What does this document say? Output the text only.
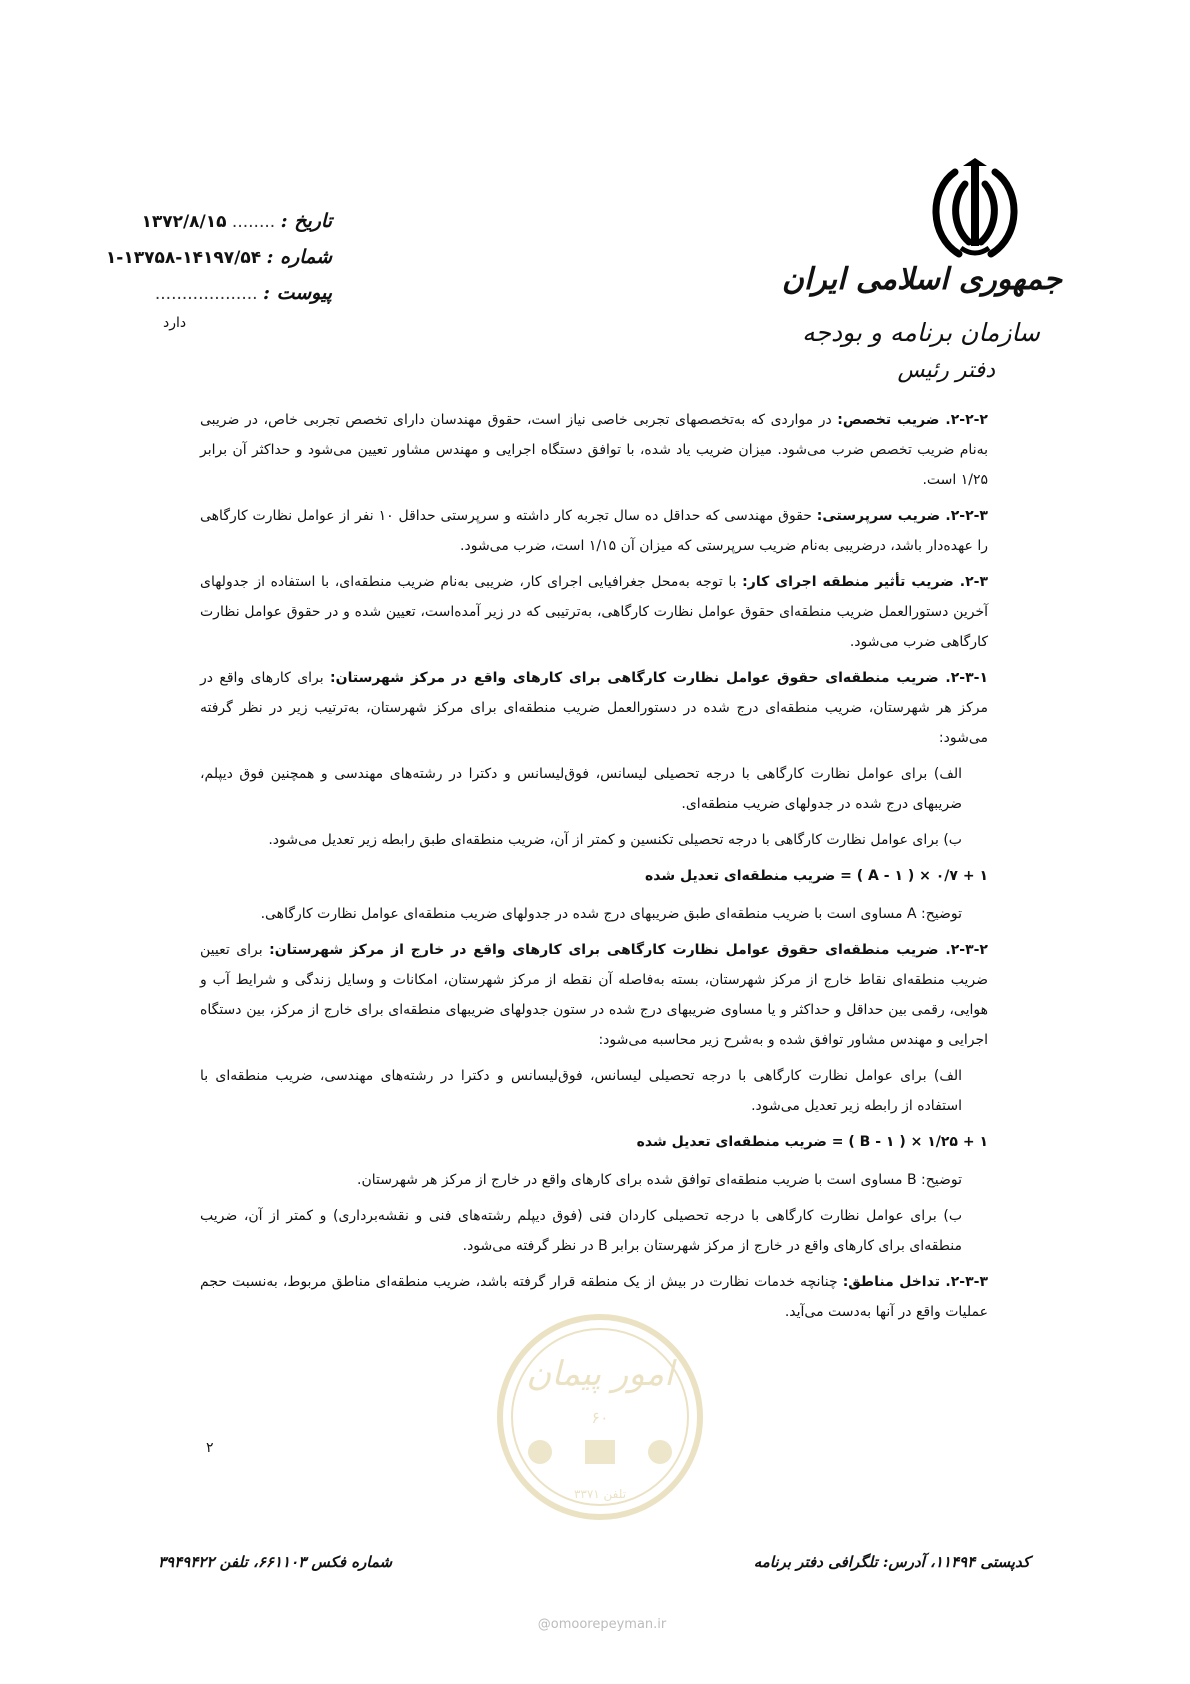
جمهوری اسلامی ایران
سازمان برنامه و بودجه
دفتر رئیس
تاریخ : ........ ۱۳۷۲/۸/۱۵
شماره : ۱۴۱۹۷/۵۴-۱۳۷۵۸-۱
پیوست : ...................
دارد

۲-۲-۲. ضریب تخصص: در مواردی که به‌تخصصهای تجربی خاصی نیاز است، حقوق مهندسان دارای تخصص تجربی خاص، در ضریبی به‌نام ضریب تخصص ضرب می‌شود. میزان ضریب یاد شده، با توافق دستگاه اجرایی و مهندس مشاور تعیین می‌شود و حداکثر آن برابر ۱/۲۵ است.

۲-۲-۳. ضریب سرپرستی: حقوق مهندسی که حداقل ده سال تجربه کار داشته و سرپرستی حداقل ۱۰ نفر از عوامل نظارت کارگاهی را عهده‌دار باشد، درضریبی به‌نام ضریب سرپرستی که میزان آن ۱/۱۵ است، ضرب می‌شود.

۲-۳. ضریب تأثیر منطقه اجرای کار: با توجه به‌محل جغرافیایی اجرای کار، ضریبی به‌نام ضریب منطقه‌ای، با استفاده از جدولهای آخرین دستورالعمل ضریب منطقه‌ای حقوق عوامل نظارت کارگاهی، به‌ترتیبی که در زیر آمده‌است، تعیین شده و در حقوق عوامل نظارت کارگاهی ضرب می‌شود.

۲-۳-۱. ضریب منطقه‌ای حقوق عوامل نظارت کارگاهی برای کارهای واقع در مرکز شهرستان: برای کارهای واقع در مرکز هر شهرستان، ضریب منطقه‌ای درج شده در دستورالعمل ضریب منطقه‌ای برای مرکز شهرستان، به‌ترتیب زیر در نظر گرفته می‌شود:

الف) برای عوامل نظارت کارگاهی با درجه تحصیلی لیسانس، فوق‌لیسانس و دکترا در رشته‌های مهندسی و همچنین فوق دیپلم، ضریبهای درج شده در جدولهای ضریب منطقه‌ای.

ب) برای عوامل نظارت کارگاهی با درجه تحصیلی تکنسین و کمتر از آن، ضریب منطقه‌ای طبق رابطه زیر تعدیل می‌شود.

۱ + ۰/۷ × ( A - ۱ ) = ضریب منطقه‌ای تعدیل شده

توضیح: A مساوی است با ضریب منطقه‌ای طبق ضریبهای درج شده در جدولهای ضریب منطقه‌ای عوامل نظارت کارگاهی.

۲-۳-۲. ضریب منطقه‌ای حقوق عوامل نظارت کارگاهی برای کارهای واقع در خارج از مرکز شهرستان: برای تعیین ضریب منطقه‌ای نقاط خارج از مرکز شهرستان، بسته به‌فاصله آن نقطه از مرکز شهرستان، امکانات و وسایل زندگی و شرایط آب و هوایی، رقمی بین حداقل و حداکثر و یا مساوی ضریبهای درج شده در ستون جدولهای ضریبهای منطقه‌ای برای خارج از مرکز، بین دستگاه اجرایی و مهندس مشاور توافق شده و به‌شرح زیر محاسبه می‌شود:

الف) برای عوامل نظارت کارگاهی با درجه تحصیلی لیسانس، فوق‌لیسانس و دکترا در رشته‌های مهندسی، ضریب منطقه‌ای با استفاده از رابطه زیر تعدیل می‌شود.

۱ + ۱/۲۵ × ( B - ۱ ) = ضریب منطقه‌ای تعدیل شده

توضیح: B مساوی است با ضریب منطقه‌ای توافق شده برای کارهای واقع در خارج از مرکز هر شهرستان.

ب) برای عوامل نظارت کارگاهی با درجه تحصیلی کاردان فنی (فوق دیپلم رشته‌های فنی و نقشه‌برداری) و کمتر از آن، ضریب منطقه‌ای برای کارهای واقع در خارج از مرکز شهرستان برابر B در نظر گرفته می‌شود.

۲-۳-۳. تداخل مناطق: چنانچه خدمات نظارت در بیش از یک منطقه قرار گرفته باشد، ضریب منطقه‌ای مناطق مربوط، به‌نسبت حجم عملیات واقع در آنها به‌دست می‌آید.

۲
امور پیمان
۶۰
تلفن ۳۳۷۱
کدپستی ۱۱۴۹۴، آدرس: تلگرافی دفتر برنامه
شماره فکس ۶۶۱۱۰۳، تلفن ۳۹۴۹۴۲۲
@omoorepeyman.ir
